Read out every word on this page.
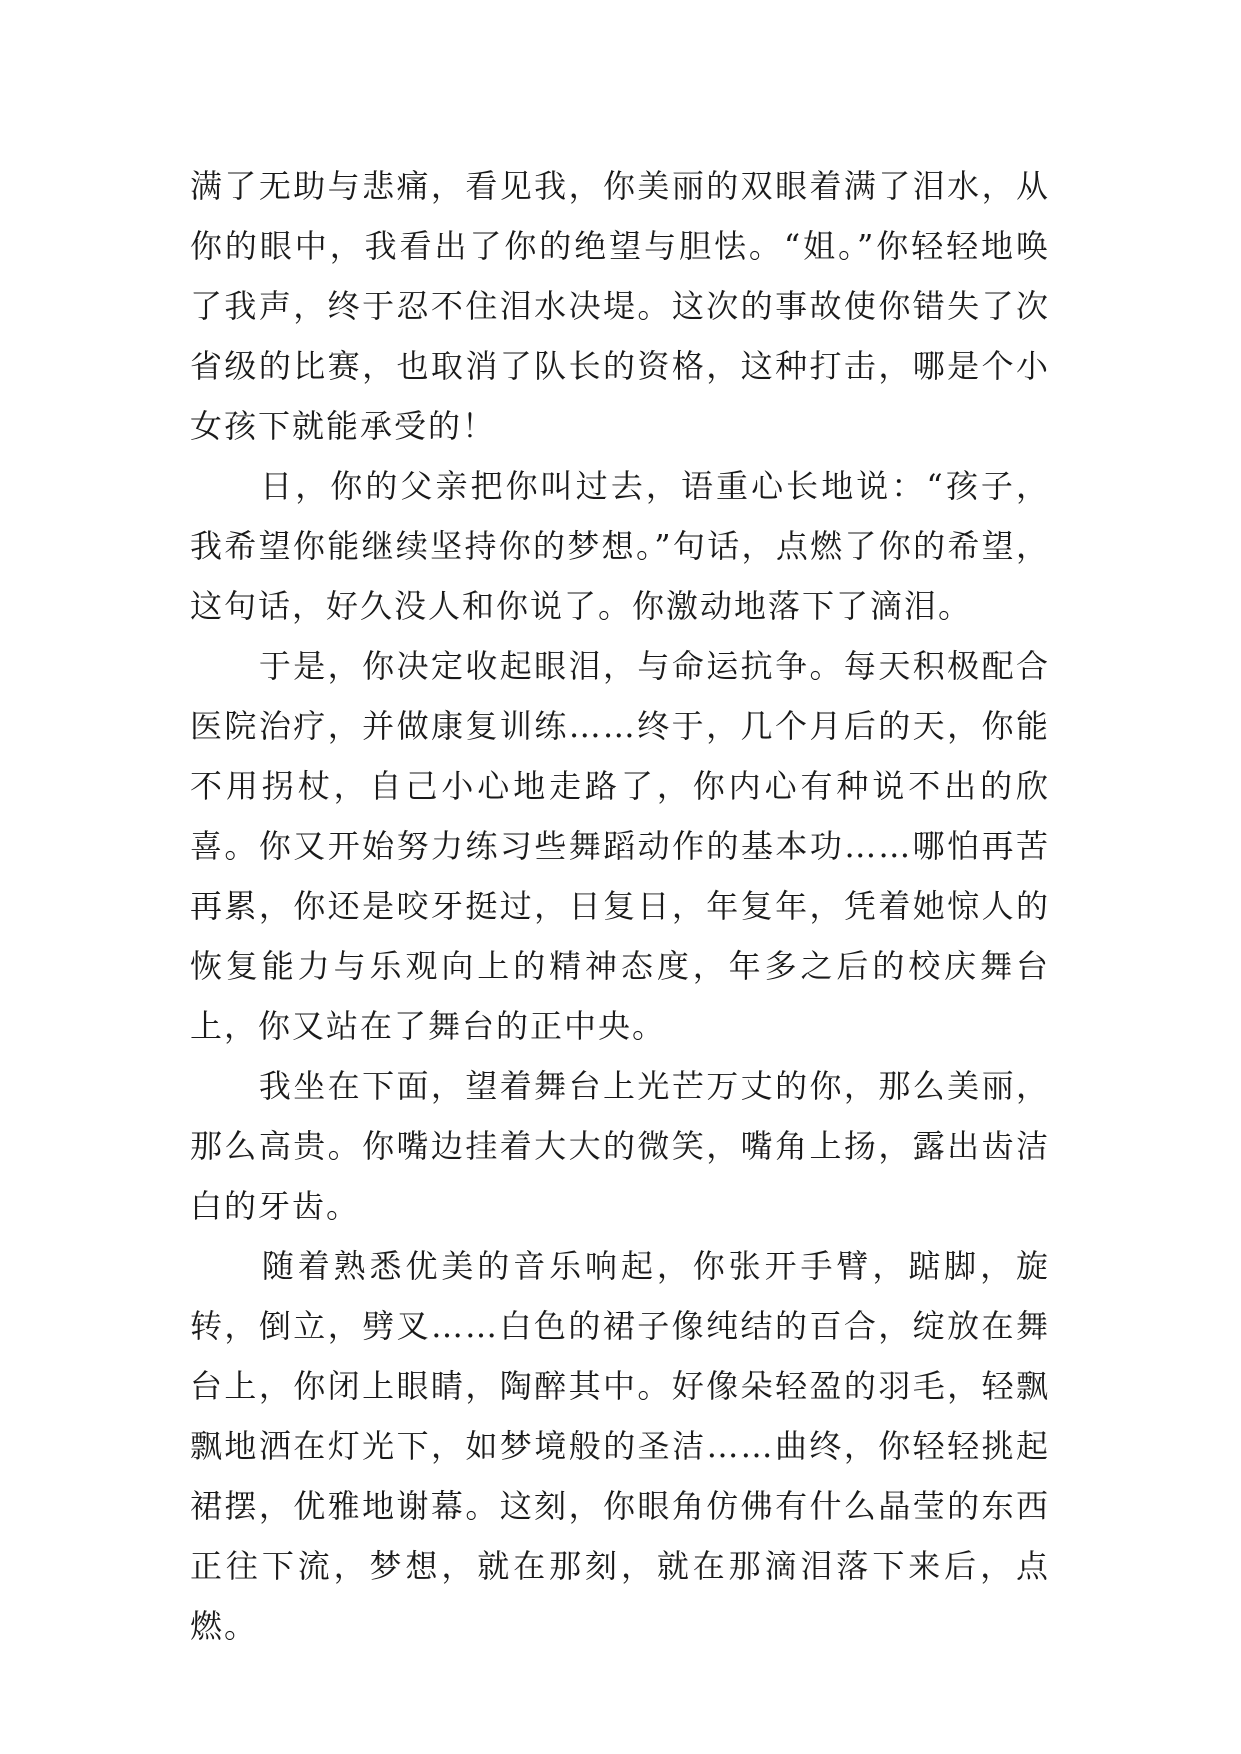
满了无助与悲痛，看见我，你美丽的双眼着满了泪水，从你的眼中，我看出了你的绝望与胆怯。“姐。”你轻轻地唤了我声，终于忍不住泪水决堤。这次的事故使你错失了次省级的比赛，也取消了队长的资格，这种打击，哪是个小女孩下就能承受的！

　　日，你的父亲把你叫过去，语重心长地说：“孩子，我希望你能继续坚持你的梦想。”句话，点燃了你的希望，这句话，好久没人和你说了。你激动地落下了滴泪。

　　于是，你决定收起眼泪，与命运抗争。每天积极配合医院治疗，并做康复训练……终于，几个月后的天，你能不用拐杖，自己小心地走路了，你内心有种说不出的欣喜。你又开始努力练习些舞蹈动作的基本功……哪怕再苦再累，你还是咬牙挺过，日复日，年复年，凭着她惊人的恢复能力与乐观向上的精神态度，年多之后的校庆舞台上，你又站在了舞台的正中央。

　　我坐在下面，望着舞台上光芒万丈的你，那么美丽，那么高贵。你嘴边挂着大大的微笑，嘴角上扬，露出齿洁白的牙齿。

　　随着熟悉优美的音乐响起，你张开手臂，踮脚，旋转，倒立，劈叉……白色的裙子像纯结的百合，绽放在舞台上，你闭上眼睛，陶醉其中。好像朵轻盈的羽毛，轻飘飘地洒在灯光下，如梦境般的圣洁……曲终，你轻轻挑起裙摆，优雅地谢幕。这刻，你眼角仿佛有什么晶莹的东西正往下流，梦想，就在那刻，就在那滴泪落下来后，点燃。
